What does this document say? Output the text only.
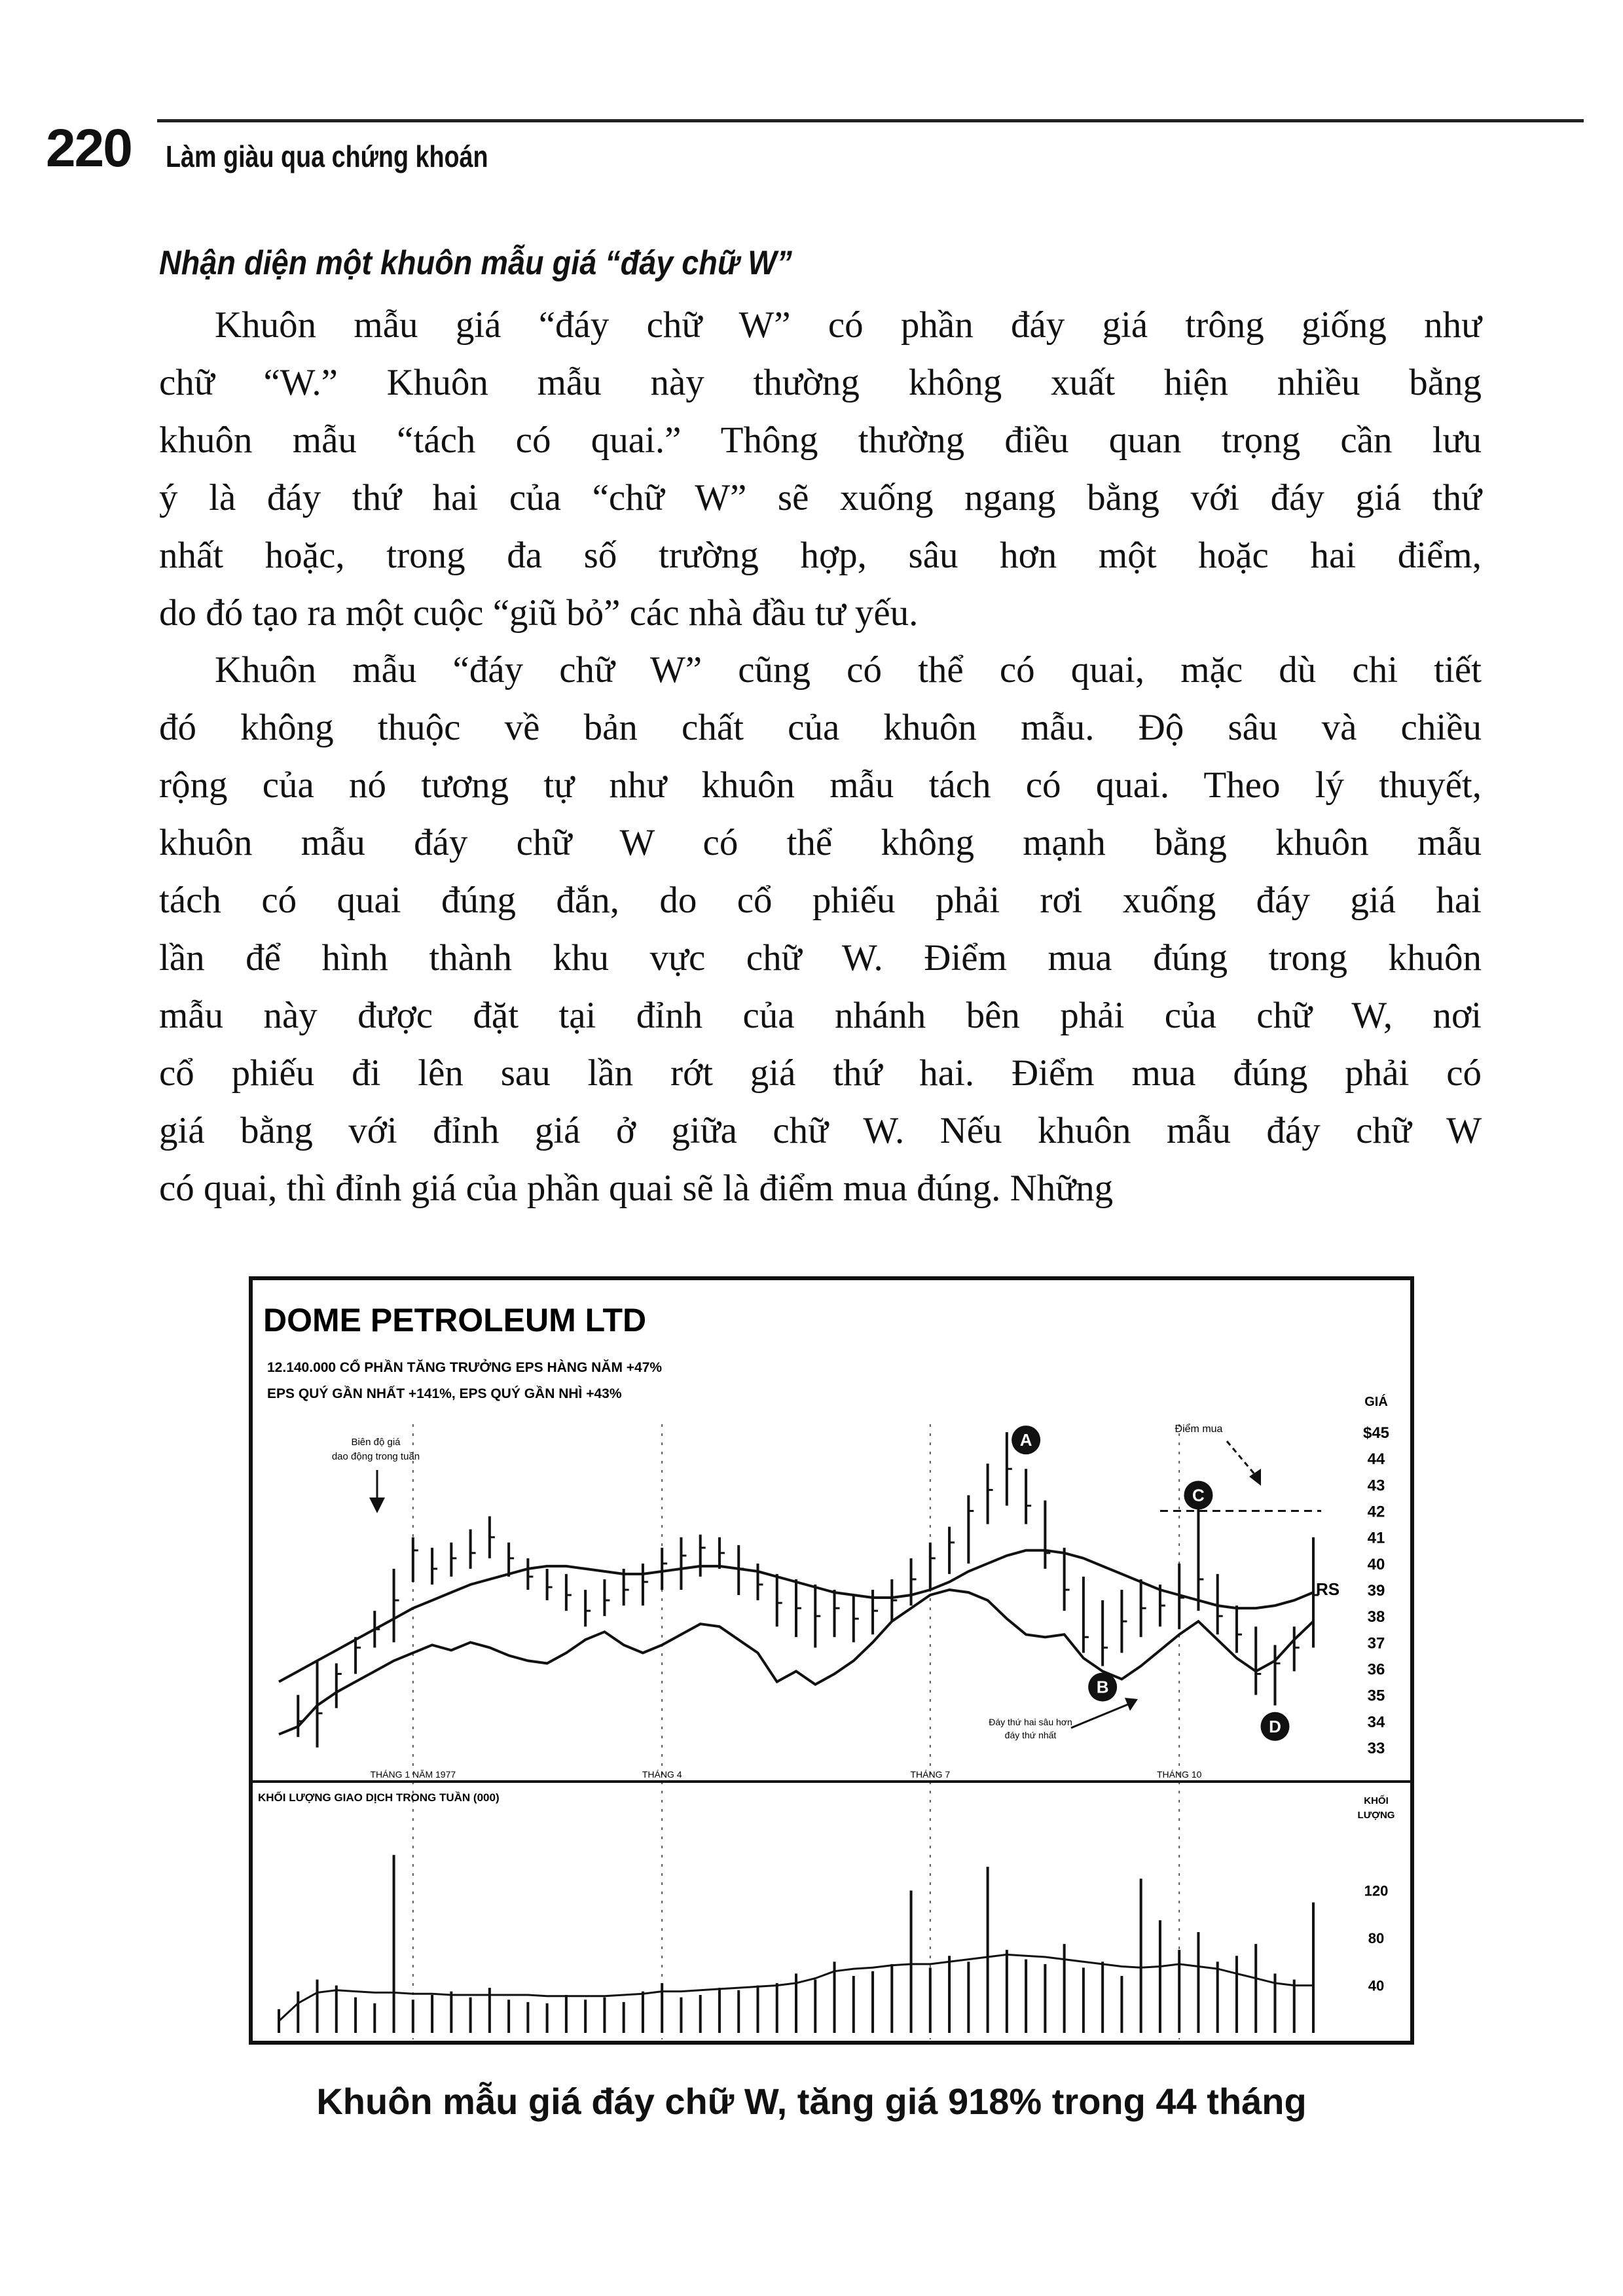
220 Làm giàu qua chứng khoán
Nhận diện một khuôn mẫu giá “đáy chữ W”
Khuôn mẫu giá “đáy chữ W” có phần đáy giá trông giống như
chữ “W.” Khuôn mẫu này thường không xuất hiện nhiều bằng
khuôn mẫu “tách có quai.” Thông thường điều quan trọng cần lưu
ý là đáy thứ hai của “chữ W” sẽ xuống ngang bằng với đáy giá thứ
nhất hoặc, trong đa số trường hợp, sâu hơn một hoặc hai điểm,
do đó tạo ra một cuộc “giũ bỏ” các nhà đầu tư yếu.
Khuôn mẫu “đáy chữ W” cũng có thể có quai, mặc dù chi tiết
đó không thuộc về bản chất của khuôn mẫu. Độ sâu và chiều
rộng của nó tương tự như khuôn mẫu tách có quai. Theo lý thuyết,
khuôn mẫu đáy chữ W có thể không mạnh bằng khuôn mẫu
tách có quai đúng đắn, do cổ phiếu phải rơi xuống đáy giá hai
lần để hình thành khu vực chữ W. Điểm mua đúng trong khuôn
mẫu này được đặt tại đỉnh của nhánh bên phải của chữ W, nơi
cổ phiếu đi lên sau lần rớt giá thứ hai. Điểm mua đúng phải có
giá bằng với đỉnh giá ở giữa chữ W. Nếu khuôn mẫu đáy chữ W
có quai, thì đỉnh giá của phần quai sẽ là điểm mua đúng. Những
DOME PETROLEUM LTD
12.140.000 CỔ PHẦN TĂNG TRƯỞNG EPS HÀNG NĂM +47%
EPS QUÝ GẦN NHẤT +141%, EPS QUÝ GẦN NHÌ +43%
GIÁ
$45
44
43
42
41
40
39
38
37
36
35
34
33
THÁNG 1 NĂM 1977	THÁNG 4	THÁNG 7	THÁNG 10
RS
A
B
C
D
Biên độ giá
dao động trong tuần
Điểm mua
Đáy thứ hai sâu hơn
đáy thứ nhất
KHỐI LƯỢNG GIAO DỊCH TRONG TUẦN (000)	KHỐI
LƯỢNG
120
80
40
Khuôn mẫu giá đáy chữ W, tăng giá 918% trong 44 tháng
